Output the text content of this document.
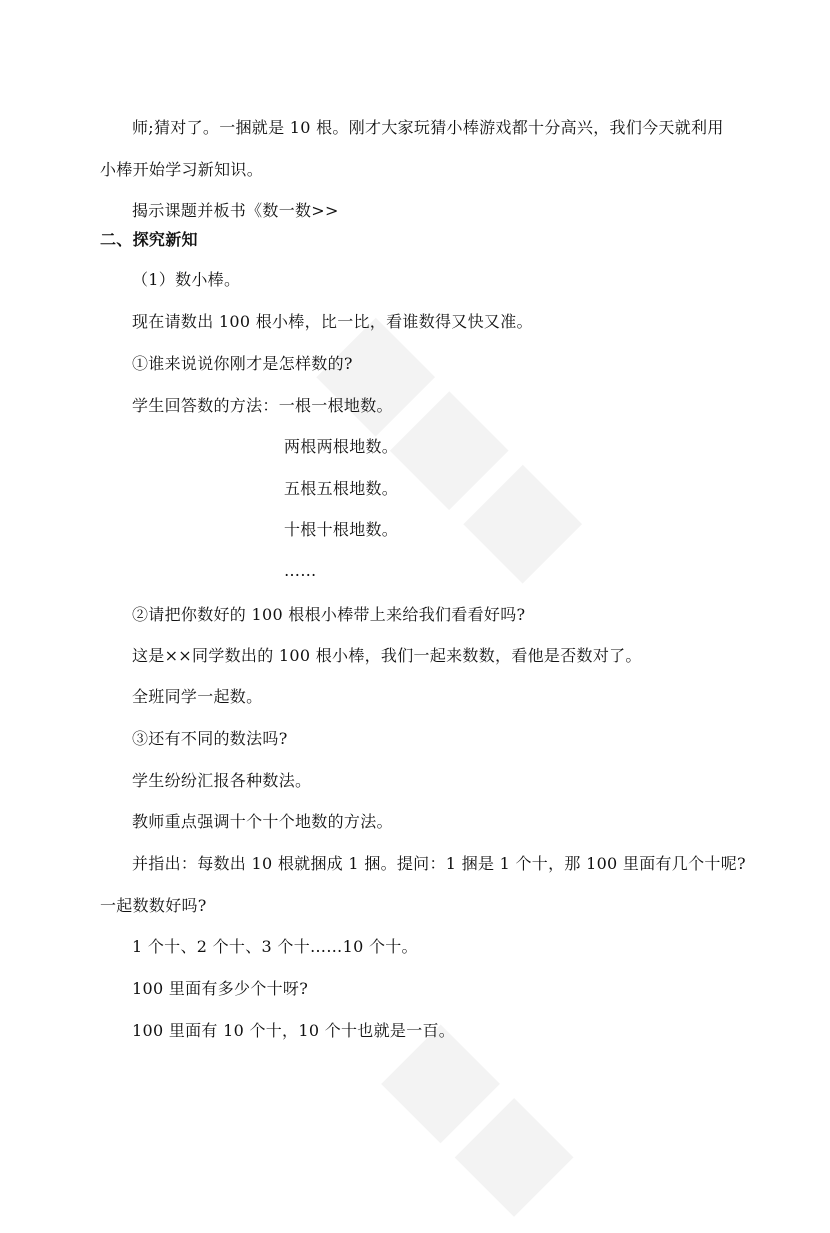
师;猜对了。一捆就是 10 根。刚才大家玩猜小棒游戏都十分高兴，我们今天就利用
小棒开始学习新知识。
揭示课题并板书《数一数>>
二、探究新知
（1）数小棒。
现在请数出 100 根小棒，比一比，看谁数得又快又准。
①谁来说说你刚才是怎样数的?
学生回答数的方法：一根一根地数。
两根两根地数。
五根五根地数。
十根十根地数。
……
②请把你数好的 100 根根小棒带上来给我们看看好吗?
这是××同学数出的 100 根小棒，我们一起来数数，看他是否数对了。
全班同学一起数。
③还有不同的数法吗?
学生纷纷汇报各种数法。
教师重点强调十个十个地数的方法。
并指出：每数出 10 根就捆成 1 捆。提问：1 捆是 1 个十，那 100 里面有几个十呢?
一起数数好吗?
1 个十、2 个十、3 个十……10 个十。
100 里面有多少个十呀?
100 里面有 10 个十，10 个十也就是一百。
